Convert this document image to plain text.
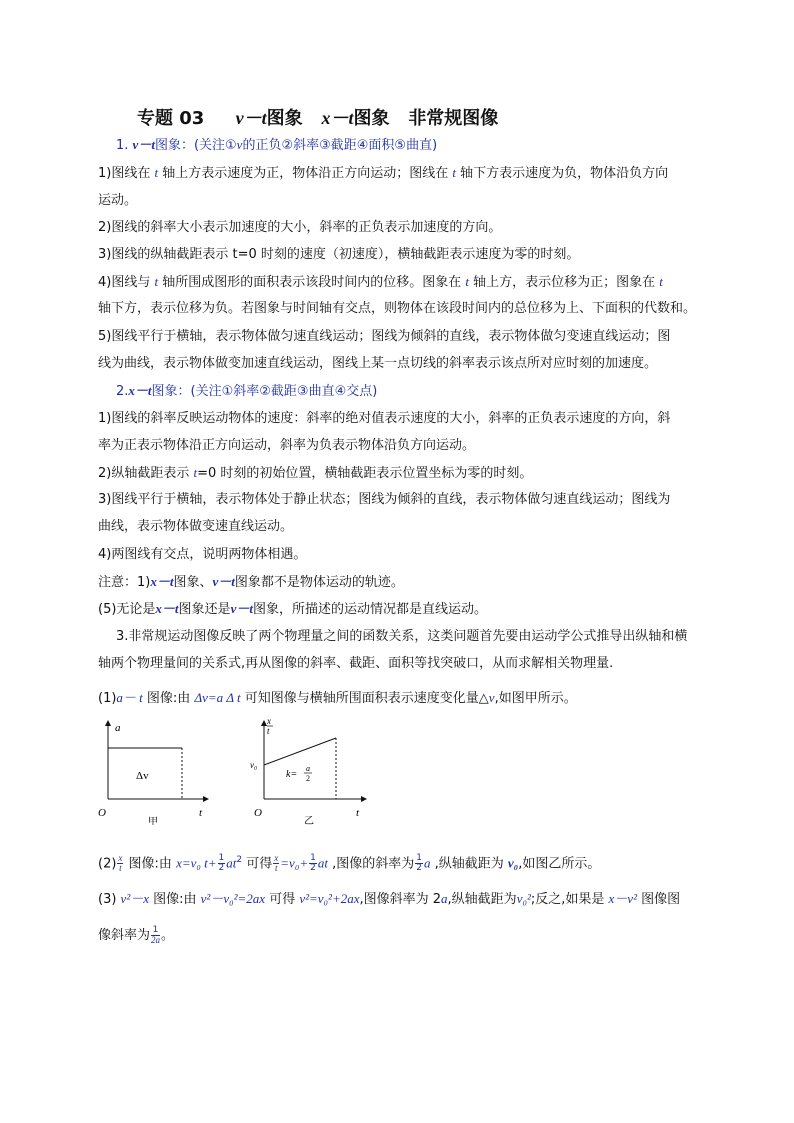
专题 03 v－t图象 x－t图象 非常规图像
1. v－t图象：(关注①v的正负②斜率③截距④面积⑤曲直)
1)图线在 t 轴上方表示速度为正，物体沿正方向运动；图线在 t 轴下方表示速度为负，物体沿负方向
运动。
2)图线的斜率大小表示加速度的大小，斜率的正负表示加速度的方向。
3)图线的纵轴截距表示 t=0 时刻的速度（初速度），横轴截距表示速度为零的时刻。
4)图线与 t 轴所围成图形的面积表示该段时间内的位移。图象在 t 轴上方，表示位移为正；图象在 t
轴下方，表示位移为负。若图象与时间轴有交点，则物体在该段时间内的总位移为上、下面积的代数和。
5)图线平行于横轴，表示物体做匀速直线运动；图线为倾斜的直线，表示物体做匀变速直线运动；图
线为曲线，表示物体做变加速直线运动，图线上某一点切线的斜率表示该点所对应时刻的加速度。
2.x－t图象：(关注①斜率②截距③曲直④交点)
1)图线的斜率反映运动物体的速度：斜率的绝对值表示速度的大小，斜率的正负表示速度的方向，斜
率为正表示物体沿正方向运动，斜率为负表示物体沿负方向运动。
2)纵轴截距表示 t=0 时刻的初始位置，横轴截距表示位置坐标为零的时刻。
3)图线平行于横轴，表示物体处于静止状态；图线为倾斜的直线，表示物体做匀速直线运动；图线为
曲线，表示物体做变速直线运动。
4)两图线有交点，说明两物体相遇。
注意：1)x－t图象、v－t图象都不是物体运动的轨迹。
(5)无论是x－t图象还是v－t图象，所描述的运动情况都是直线运动。
3.非常规运动图像反映了两个物理量之间的函数关系，这类问题首先要由运动学公式推导出纵轴和横
轴两个物理量间的关系式,再从图像的斜率、截距、面积等找突破口，从而求解相关物理量.
(1)a－ t 图像:由 Δv=a Δ t 可知图像与横轴所围面积表示速度变化量△v,如图甲所示。
a
Δv
O	t
甲
x
t
v₀
k=
a
2
O	t
乙
$(2) \frac{x}{t}$ 图像:由 x=v₀ $t+ \frac{1}{2} at^2$ 可得 $\frac{x}{t} =v_0+ \frac{1}{2}$ at ,图像的斜率为 $\frac{1}{2}$ a ,纵轴截距为 v₀,如图乙所示。
(3) v²－x 图像:由 v²－v₀²=2ax 可得 v²=v₀²+2ax,图像斜率为 2a,纵轴截距为v₀²;反之,如果是 x－v² 图像图
像斜率为 $\frac{1}{2a}$ 。
